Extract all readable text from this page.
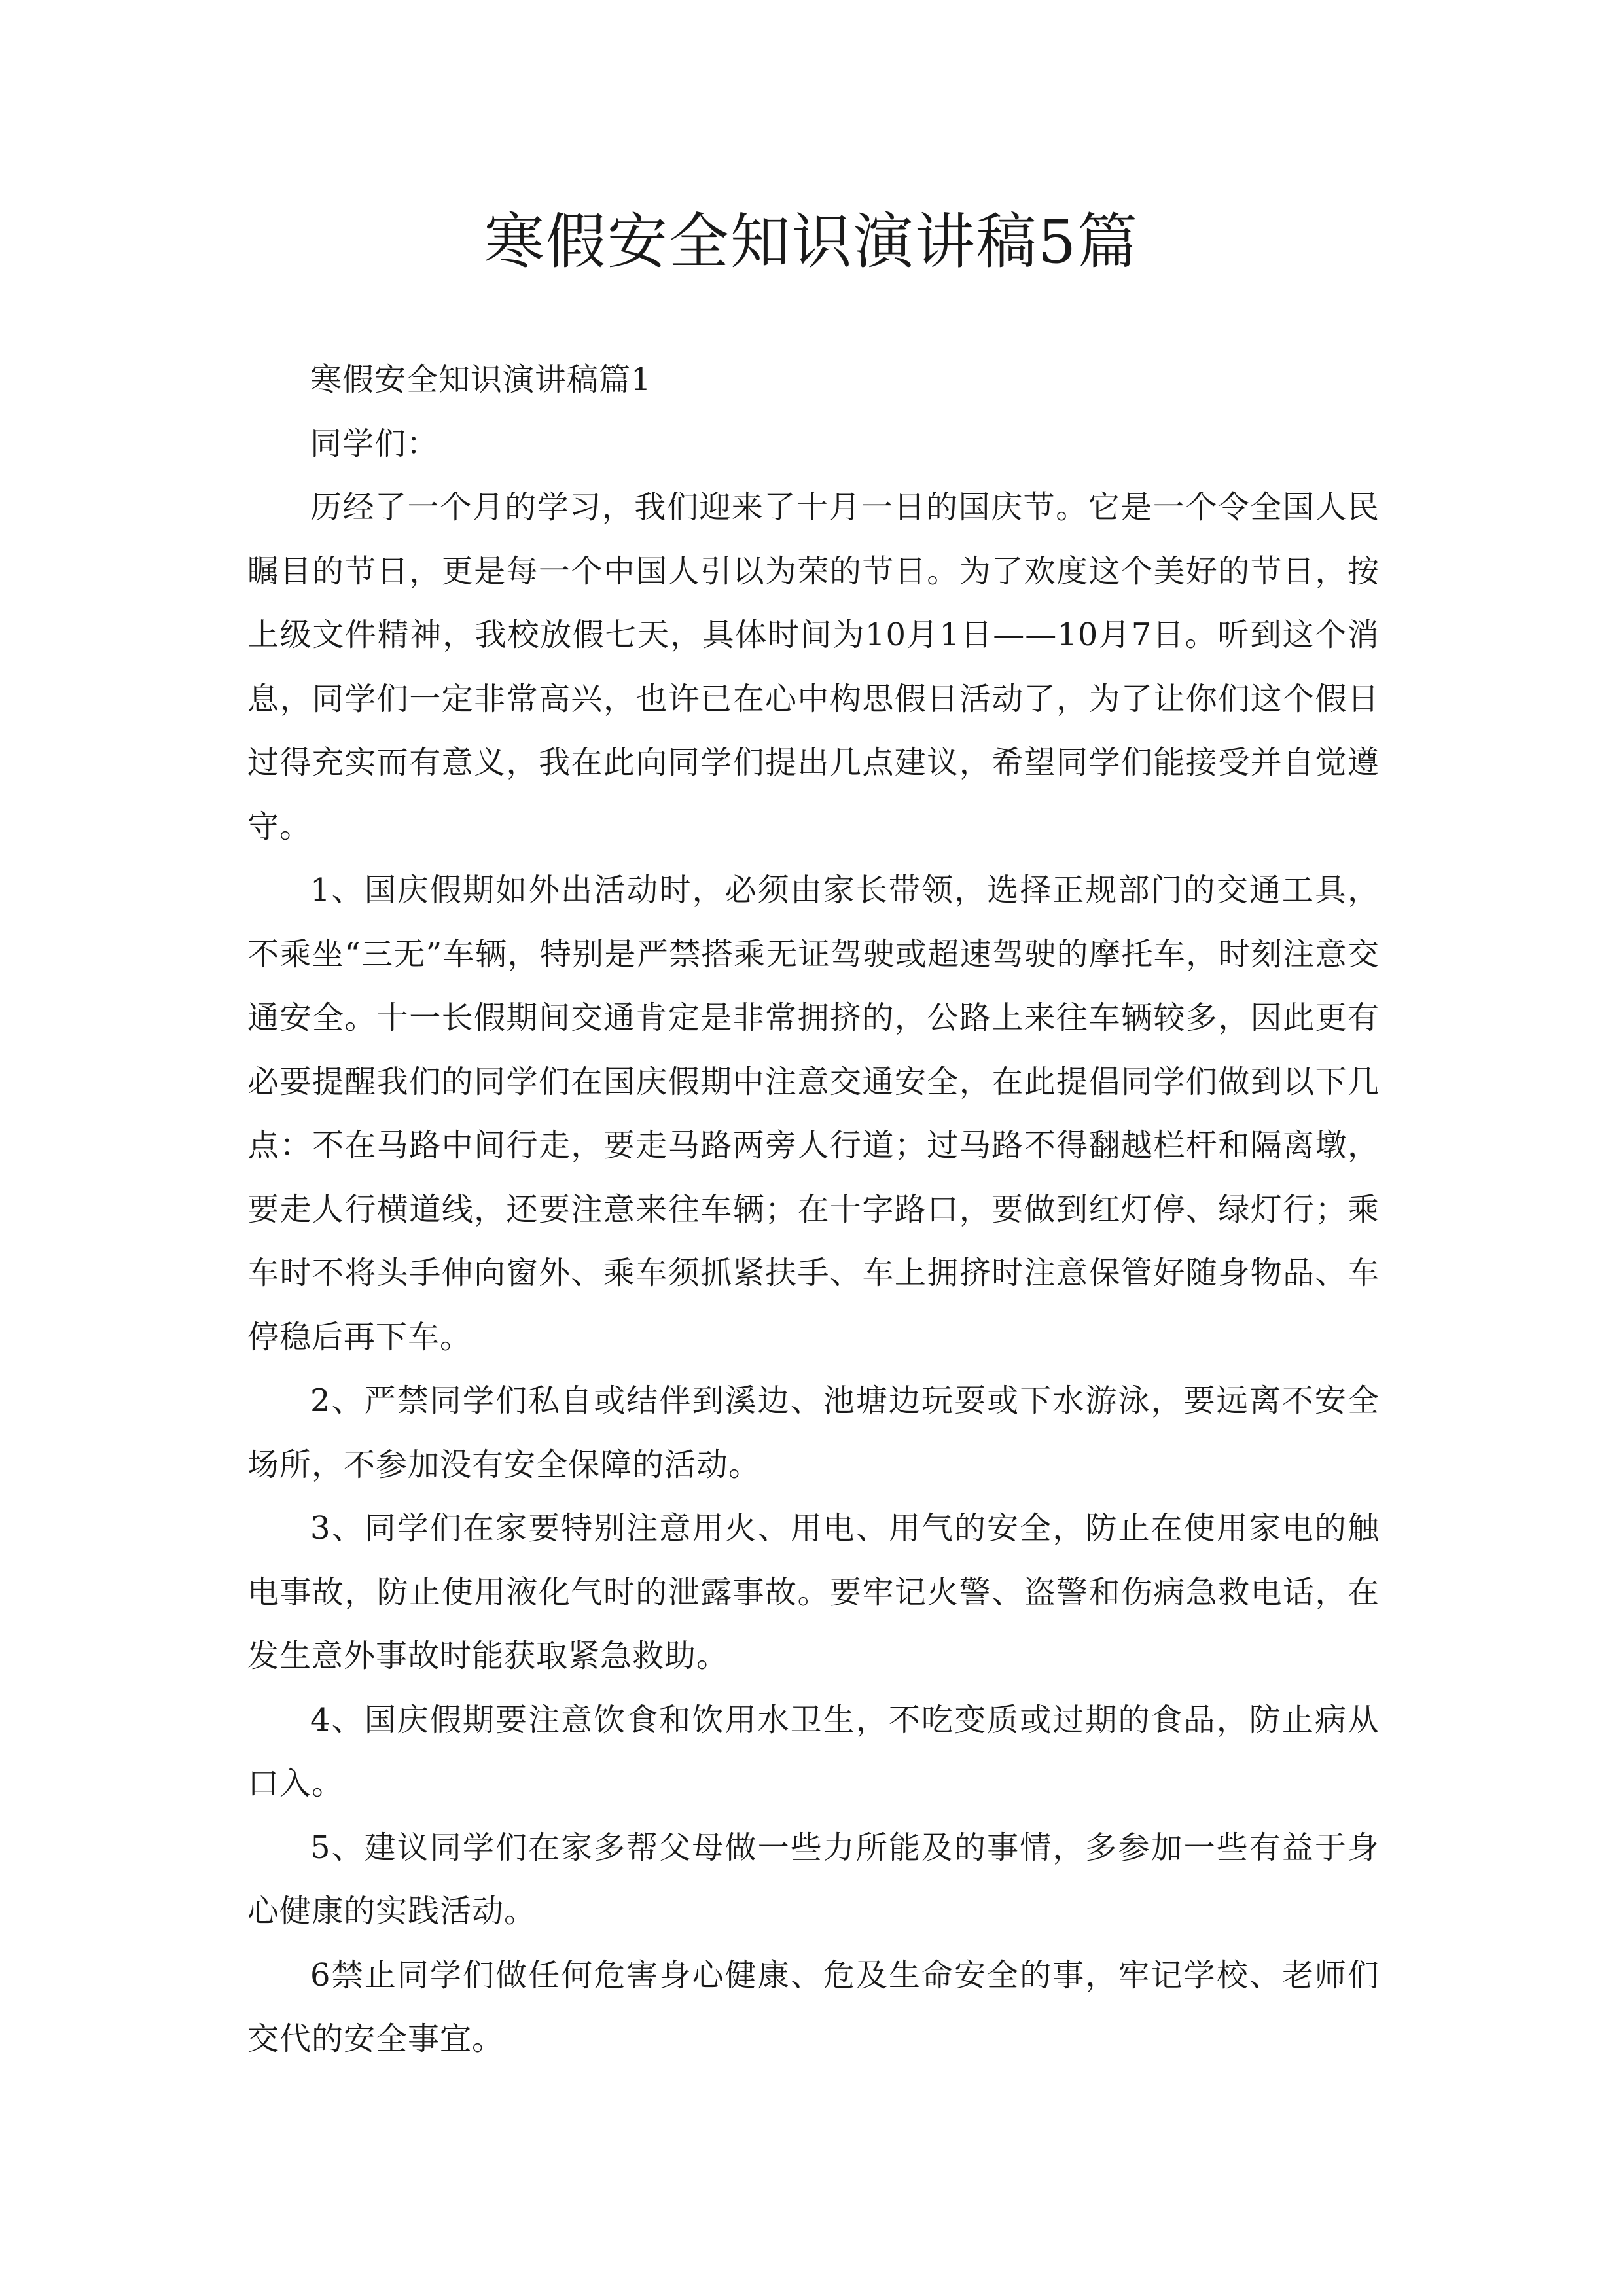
寒假安全知识演讲稿5篇

寒假安全知识演讲稿篇1

同学们：

历经了一个月的学习，我们迎来了十月一日的国庆节。它是一个令全国人民瞩目的节日，更是每一个中国人引以为荣的节日。为了欢度这个美好的节日，按上级文件精神，我校放假七天，具体时间为10月1日——10月7日。听到这个消息，同学们一定非常高兴，也许已在心中构思假日活动了，为了让你们这个假日过得充实而有意义，我在此向同学们提出几点建议，希望同学们能接受并自觉遵守。

1、国庆假期如外出活动时，必须由家长带领，选择正规部门的交通工具，不乘坐“三无”车辆，特别是严禁搭乘无证驾驶或超速驾驶的摩托车，时刻注意交通安全。十一长假期间交通肯定是非常拥挤的，公路上来往车辆较多，因此更有必要提醒我们的同学们在国庆假期中注意交通安全，在此提倡同学们做到以下几点：不在马路中间行走，要走马路两旁人行道；过马路不得翻越栏杆和隔离墩，要走人行横道线，还要注意来往车辆；在十字路口，要做到红灯停、绿灯行；乘车时不将头手伸向窗外、乘车须抓紧扶手、车上拥挤时注意保管好随身物品、车停稳后再下车。

2、严禁同学们私自或结伴到溪边、池塘边玩耍或下水游泳，要远离不安全场所，不参加没有安全保障的活动。

3、同学们在家要特别注意用火、用电、用气的安全，防止在使用家电的触电事故，防止使用液化气时的泄露事故。要牢记火警、盗警和伤病急救电话，在发生意外事故时能获取紧急救助。

4、国庆假期要注意饮食和饮用水卫生，不吃变质或过期的食品，防止病从口入。

5、建议同学们在家多帮父母做一些力所能及的事情，多参加一些有益于身心健康的实践活动。

6禁止同学们做任何危害身心健康、危及生命安全的事，牢记学校、老师们交代的安全事宜。
